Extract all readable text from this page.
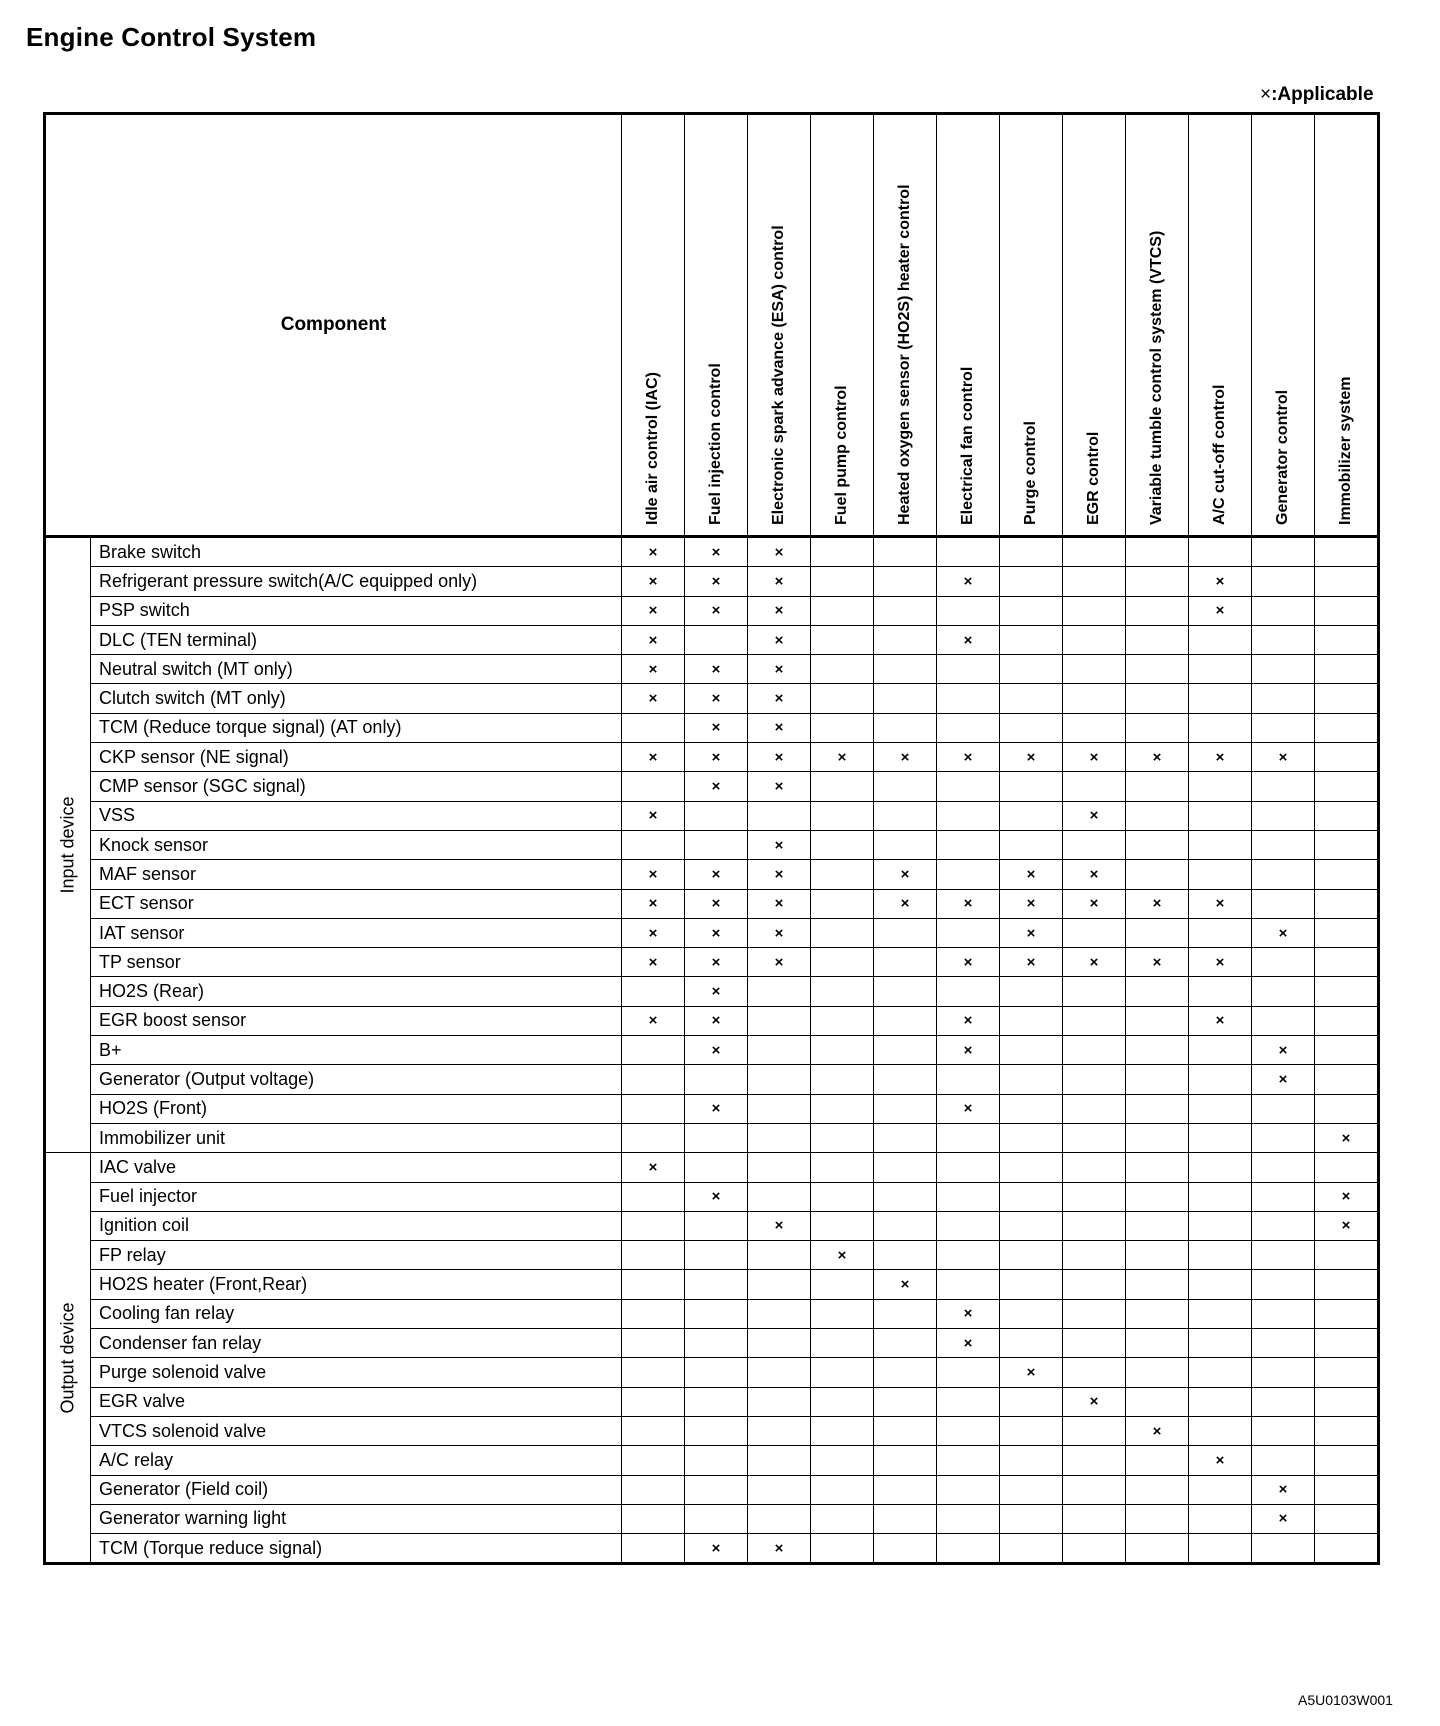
Engine Control System
×:Applicable
Component		Idle air control (IAC)	Fuel injection control	Electronic spark advance (ESA) control	Fuel pump control	Heated oxygen sensor (HO2S) heater control	Electrical fan control	Purge control	EGR control	Variable tumble control system (VTCS)	A/C cut-off control	Generator control	Immobilizer system

Input device	Brake switch	×	×	×									
	Refrigerant pressure switch(A/C equipped only)	×	×	×			×				×		
	PSP switch	×	×	×							×		
	DLC (TEN terminal)	×		×			×						
	Neutral switch (MT only)	×	×	×									
	Clutch switch (MT only)	×	×	×									
	TCM (Reduce torque signal) (AT only)		×	×									
	CKP sensor (NE signal)	×	×	×	×	×	×	×	×	×	×	×	
	CMP sensor (SGC signal)		×	×									
	VSS	×							×				
	Knock sensor			×									
	MAF sensor	×	×	×		×		×	×				
	ECT sensor	×	×	×		×	×	×	×	×	×		
	IAT sensor	×	×	×				×				×	
	TP sensor	×	×	×			×	×	×	×	×		
	HO2S (Rear)		×										
	EGR boost sensor	×	×				×				×		
	B+		×				×					×	
	Generator (Output voltage)											×	
	HO2S (Front)		×				×						
	Immobilizer unit												×

Output device	IAC valve	×											
	Fuel injector		×										×
	Ignition coil			×									×
	FP relay				×								
	HO2S heater (Front,Rear)					×							
	Cooling fan relay						×						
	Condenser fan relay						×						
	Purge solenoid valve							×					
	EGR valve								×				
	VTCS solenoid valve									×			
	A/C relay										×		
	Generator (Field coil)											×	
	Generator warning light											×	
	TCM (Torque reduce signal)		×	×									
A5U0103W001
